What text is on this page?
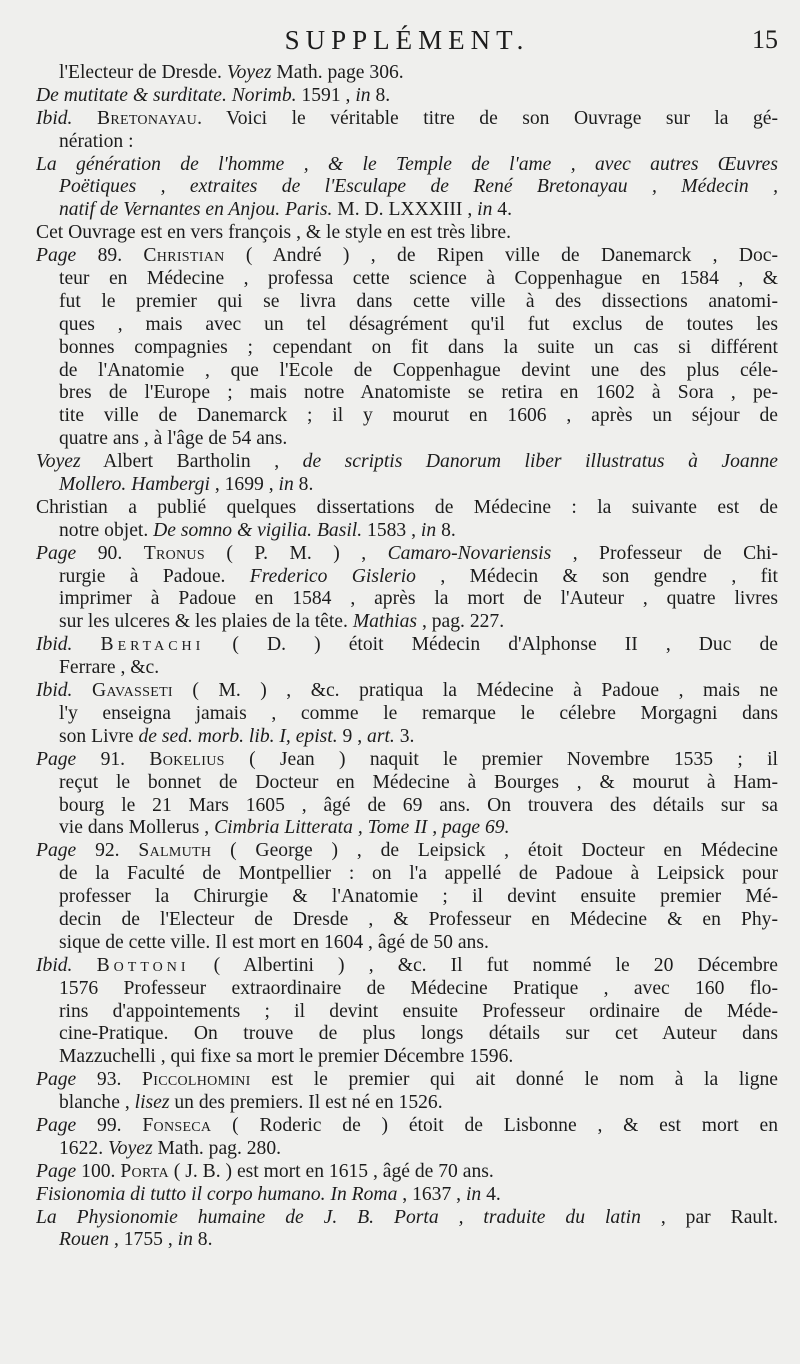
SUPPLÉMENT.	15
l'Electeur de Dresde. Voyez Math. page 306.
De mutitate & surditate. Norimb. 1591 , in 8.
Ibid. Bretonayau. Voici le véritable titre de son Ouvrage sur la gé-
nération :
La génération de l'homme , & le Temple de l'ame , avec autres Œuvres
Poëtiques , extraites de l'Esculape de René Bretonayau , Médecin ,
natif de Vernantes en Anjou. Paris. M. D. LXXXIII , in 4.
Cet Ouvrage est en vers françois , & le style en est très libre.
Page 89. Christian ( André ) , de Ripen ville de Danemarck , Doc-
teur en Médecine , professa cette science à Coppenhague en 1584 , &
fut le premier qui se livra dans cette ville à des dissections anatomi-
ques , mais avec un tel désagrément qu'il fut exclus de toutes les
bonnes compagnies ; cependant on fit dans la suite un cas si différent
de l'Anatomie , que l'Ecole de Coppenhague devint une des plus céle-
bres de l'Europe ; mais notre Anatomiste se retira en 1602 à Sora , pe-
tite ville de Danemarck ; il y mourut en 1606 , après un séjour de
quatre ans , à l'âge de 54 ans.
Voyez Albert Bartholin , de scriptis Danorum liber illustratus à Joanne
Mollero. Hambergi , 1699 , in 8.
Christian a publié quelques dissertations de Médecine : la suivante est de
notre objet. De somno & vigilia. Basil. 1583 , in 8.
Page 90. Tronus ( P. M. ) , Camaro-Novariensis , Professeur de Chi-
rurgie à Padoue. Frederico Gislerio , Médecin & son gendre , fit
imprimer à Padoue en 1584 , après la mort de l'Auteur , quatre livres
sur les ulceres & les plaies de la tête. Mathias , pag. 227.
Ibid. Bertachi ( D. ) étoit Médecin d'Alphonse II , Duc de
Ferrare , &c.
Ibid. Gavasseti ( M. ) , &c. pratiqua la Médecine à Padoue , mais ne
l'y enseigna jamais , comme le remarque le célebre Morgagni dans
son Livre de sed. morb. lib. I, epist. 9 , art. 3.
Page 91. Bokelius ( Jean ) naquit le premier Novembre 1535 ; il
reçut le bonnet de Docteur en Médecine à Bourges , & mourut à Ham-
bourg le 21 Mars 1605 , âgé de 69 ans. On trouvera des détails sur sa
vie dans Mollerus , Cimbria Litterata , Tome II , page 69.
Page 92. Salmuth ( George ) , de Leipsick , étoit Docteur en Médecine
de la Faculté de Montpellier : on l'a appellé de Padoue à Leipsick pour
professer la Chirurgie & l'Anatomie ; il devint ensuite premier Mé-
decin de l'Electeur de Dresde , & Professeur en Médecine & en Phy-
sique de cette ville. Il est mort en 1604 , âgé de 50 ans.
Ibid. Bottoni ( Albertini ) , &c. Il fut nommé le 20 Décembre
1576 Professeur extraordinaire de Médecine Pratique , avec 160 flo-
rins d'appointements ; il devint ensuite Professeur ordinaire de Méde-
cine-Pratique. On trouve de plus longs détails sur cet Auteur dans
Mazzuchelli , qui fixe sa mort le premier Décembre 1596.
Page 93. Piccolhomini est le premier qui ait donné le nom à la ligne
blanche , lisez un des premiers. Il est né en 1526.
Page 99. Fonseca ( Roderic de ) étoit de Lisbonne , & est mort en
1622. Voyez Math. pag. 280.
Page 100. Porta ( J. B. ) est mort en 1615 , âgé de 70 ans.
Fisionomia di tutto il corpo humano. In Roma , 1637 , in 4.
La Physionomie humaine de J. B. Porta , traduite du latin , par Rault.
Rouen , 1755 , in 8.
